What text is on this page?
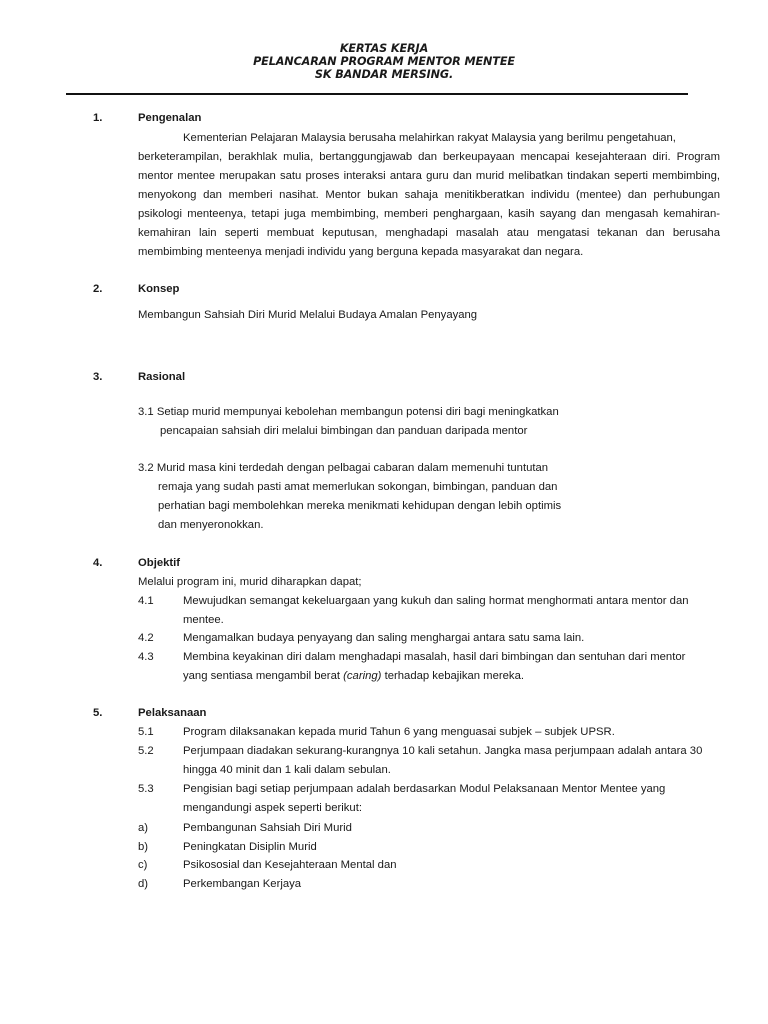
KERTAS KERJA
PELANCARAN PROGRAM MENTOR MENTEE
SK BANDAR MERSING.
1.	Pengenalan
Kementerian Pelajaran Malaysia berusaha melahirkan rakyat Malaysia yang berilmu pengetahuan,
berketerampilan, berakhlak mulia, bertanggungjawab dan berkeupayaan mencapai kesejahteraan diri. Program
mentor mentee merupakan satu proses interaksi antara guru dan murid melibatkan tindakan seperti membimbing,
menyokong dan memberi nasihat. Mentor bukan sahaja menitikberatkan individu (mentee) dan perhubungan
psikologi menteenya, tetapi juga membimbing, memberi penghargaan, kasih sayang dan mengasah kemahiran-
kemahiran lain seperti membuat keputusan, menghadapi masalah atau mengatasi tekanan dan berusaha
membimbing menteenya menjadi individu yang berguna kepada masyarakat dan negara.
2.	Konsep
Membangun Sahsiah Diri Murid Melalui Budaya Amalan Penyayang
3.	Rasional
3.1 Setiap murid mempunyai kebolehan membangun potensi diri bagi meningkatkan
pencapaian sahsiah diri melalui bimbingan dan panduan daripada mentor
3.2 Murid masa kini terdedah dengan pelbagai cabaran dalam memenuhi tuntutan
remaja yang sudah pasti amat memerlukan sokongan, bimbingan, panduan dan
perhatian bagi membolehkan mereka menikmati kehidupan dengan lebih optimis
dan menyeronokkan.
4.	Objektif
Melalui program ini, murid diharapkan dapat;
4.1	Mewujudkan semangat kekeluargaan yang kukuh dan saling hormat menghormati antara mentor dan
mentee.
4.2	Mengamalkan budaya penyayang dan saling menghargai antara satu sama lain.
4.3	Membina keyakinan diri dalam menghadapi masalah, hasil dari bimbingan dan sentuhan dari mentor
yang sentiasa mengambil berat (caring) terhadap kebajikan mereka.
5.	Pelaksanaan
5.1	Program dilaksanakan kepada murid Tahun 6 yang menguasai subjek – subjek UPSR.
5.2	Perjumpaan diadakan sekurang-kurangnya 10 kali setahun. Jangka masa perjumpaan adalah antara 30
hingga 40 minit dan 1 kali dalam sebulan.
5.3	Pengisian bagi setiap perjumpaan adalah berdasarkan Modul Pelaksanaan Mentor Mentee yang
mengandungi aspek seperti berikut:
a)	Pembangunan Sahsiah Diri Murid
b)	Peningkatan Disiplin Murid
c)	Psikososial dan Kesejahteraan Mental dan
d)	Perkembangan Kerjaya
